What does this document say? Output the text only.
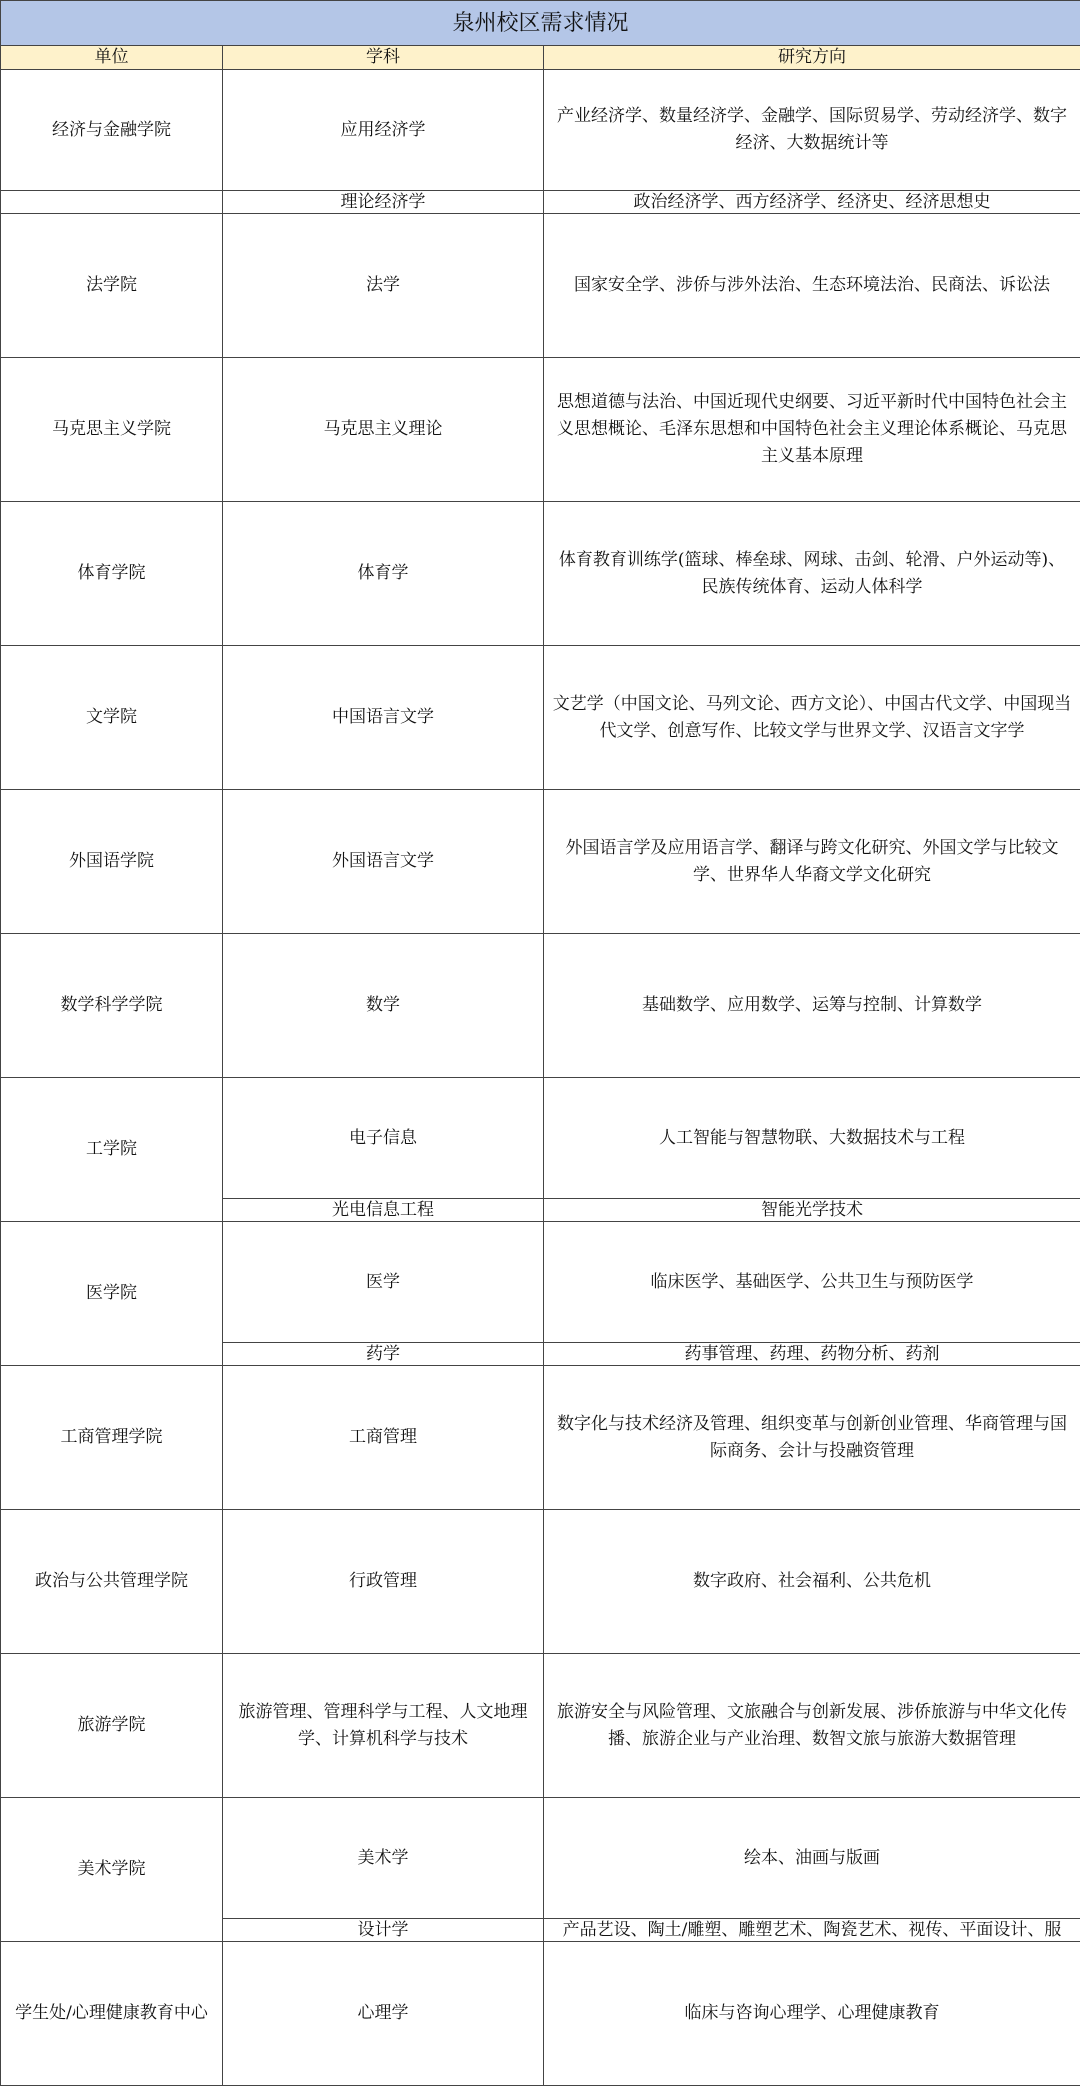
泉州校区需求情况		
单位	学科	研究方向
经济与金融学院	应用经济学	产业经济学、数量经济学、金融学、国际贸易学、劳动经济学、数字经济、大数据统计等
	理论经济学	政治经济学、西方经济学、经济史、经济思想史
法学院	法学	国家安全学、涉侨与涉外法治、生态环境法治、民商法、诉讼法
马克思主义学院	马克思主义理论	思想道德与法治、中国近现代史纲要、习近平新时代中国特色社会主义思想概论、毛泽东思想和中国特色社会主义理论体系概论、马克思主义基本原理
体育学院	体育学	体育教育训练学(篮球、棒垒球、网球、击剑、轮滑、户外运动等)、民族传统体育、运动人体科学
文学院	中国语言文学	文艺学（中国文论、马列文论、西方文论）、中国古代文学、中国现当代文学、创意写作、比较文学与世界文学、汉语言文字学
外国语学院	外国语言文学	外国语言学及应用语言学、翻译与跨文化研究、外国文学与比较文学、世界华人华裔文学文化研究
数学科学学院	数学	基础数学、应用数学、运筹与控制、计算数学
工学院	电子信息	人工智能与智慧物联、大数据技术与工程
	光电信息工程	智能光学技术
医学院	医学	临床医学、基础医学、公共卫生与预防医学
	药学	药事管理、药理、药物分析、药剂
工商管理学院	工商管理	数字化与技术经济及管理、组织变革与创新创业管理、华商管理与国际商务、会计与投融资管理
政治与公共管理学院	行政管理	数字政府、社会福利、公共危机
旅游学院	旅游管理、管理科学与工程、人文地理学、计算机科学与技术	旅游安全与风险管理、文旅融合与创新发展、涉侨旅游与中华文化传播、旅游企业与产业治理、数智文旅与旅游大数据管理
美术学院	美术学	绘本、油画与版画
	设计学	产品艺设、陶土/雕塑、雕塑艺术、陶瓷艺术、视传、平面设计、服
学生处/心理健康教育中心	心理学	临床与咨询心理学、心理健康教育
